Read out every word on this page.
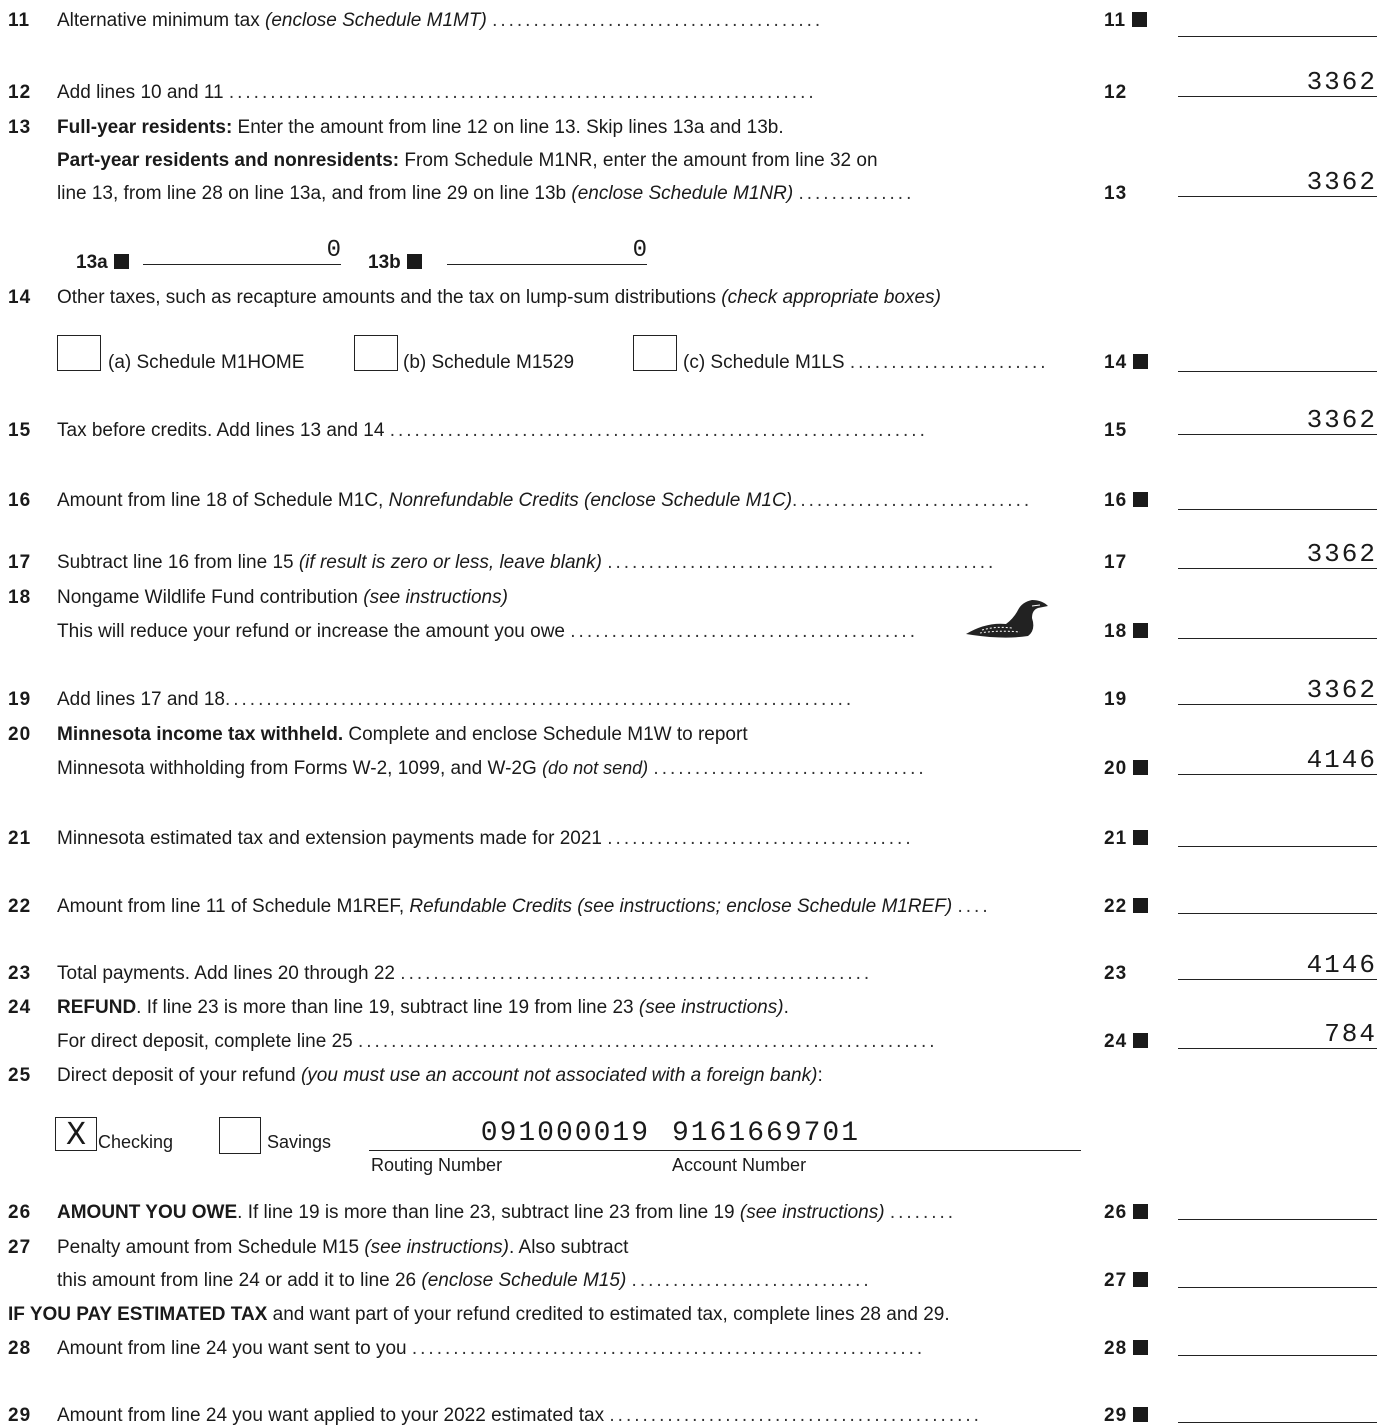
11 Alternative minimum tax (enclose Schedule M1MT) ........................................	11
12 Add lines 10 and 11 .......................................................................	12	3362
13 Full-year residents: Enter the amount from line 12 on line 13. Skip lines 13a and 13b.
Part-year residents and nonresidents: From Schedule M1NR, enter the amount from line 32 on
line 13, from line 28 on line 13a, and from line 29 on line 13b (enclose Schedule M1NR) ..............	13	3362
13a	0 13b	0
14 Other taxes, such as recapture amounts and the tax on lump-sum distributions (check appropriate boxes)
(a) Schedule M1HOME	(b) Schedule M1529	(c) Schedule M1LS ........................	14
15 Tax before credits. Add lines 13 and 14 .................................................................	15	3362
16 Amount from line 18 of Schedule M1C, Nonrefundable Credits (enclose Schedule M1C).............................	16
17 Subtract line 16 from line 15 (if result is zero or less, leave blank) ...............................................	17	3362
18 Nongame Wildlife Fund contribution (see instructions)
This will reduce your refund or increase the amount you owe ..........................................	18
19 Add lines 17 and 18............................................................................	19	3362
20 Minnesota income tax withheld. Complete and enclose Schedule M1W to report
Minnesota withholding from Forms W-2, 1099, and W-2G (do not send) .................................	20	4146
21 Minnesota estimated tax and extension payments made for 2021 .....................................	21
22 Amount from line 11 of Schedule M1REF, Refundable Credits (see instructions; enclose Schedule M1REF) ....	22
23 Total payments. Add lines 20 through 22 .........................................................	23	4146
24 REFUND. If line 23 is more than line 19, subtract line 19 from line 23 (see instructions).
For direct deposit, complete line 25 ......................................................................	24	784
25 Direct deposit of your refund (you must use an account not associated with a foreign bank):
X Checking	Savings	091000019 9161669701
Routing Number	Account Number
26 AMOUNT YOU OWE. If line 19 is more than line 23, subtract line 23 from line 19 (see instructions) ........	26
27 Penalty amount from Schedule M15 (see instructions). Also subtract
this amount from line 24 or add it to line 26 (enclose Schedule M15) .............................	27
IF YOU PAY ESTIMATED TAX and want part of your refund credited to estimated tax, complete lines 28 and 29.
28 Amount from line 24 you want sent to you ..............................................................	28
29 Amount from line 24 you want applied to your 2022 estimated tax .............................................	29
